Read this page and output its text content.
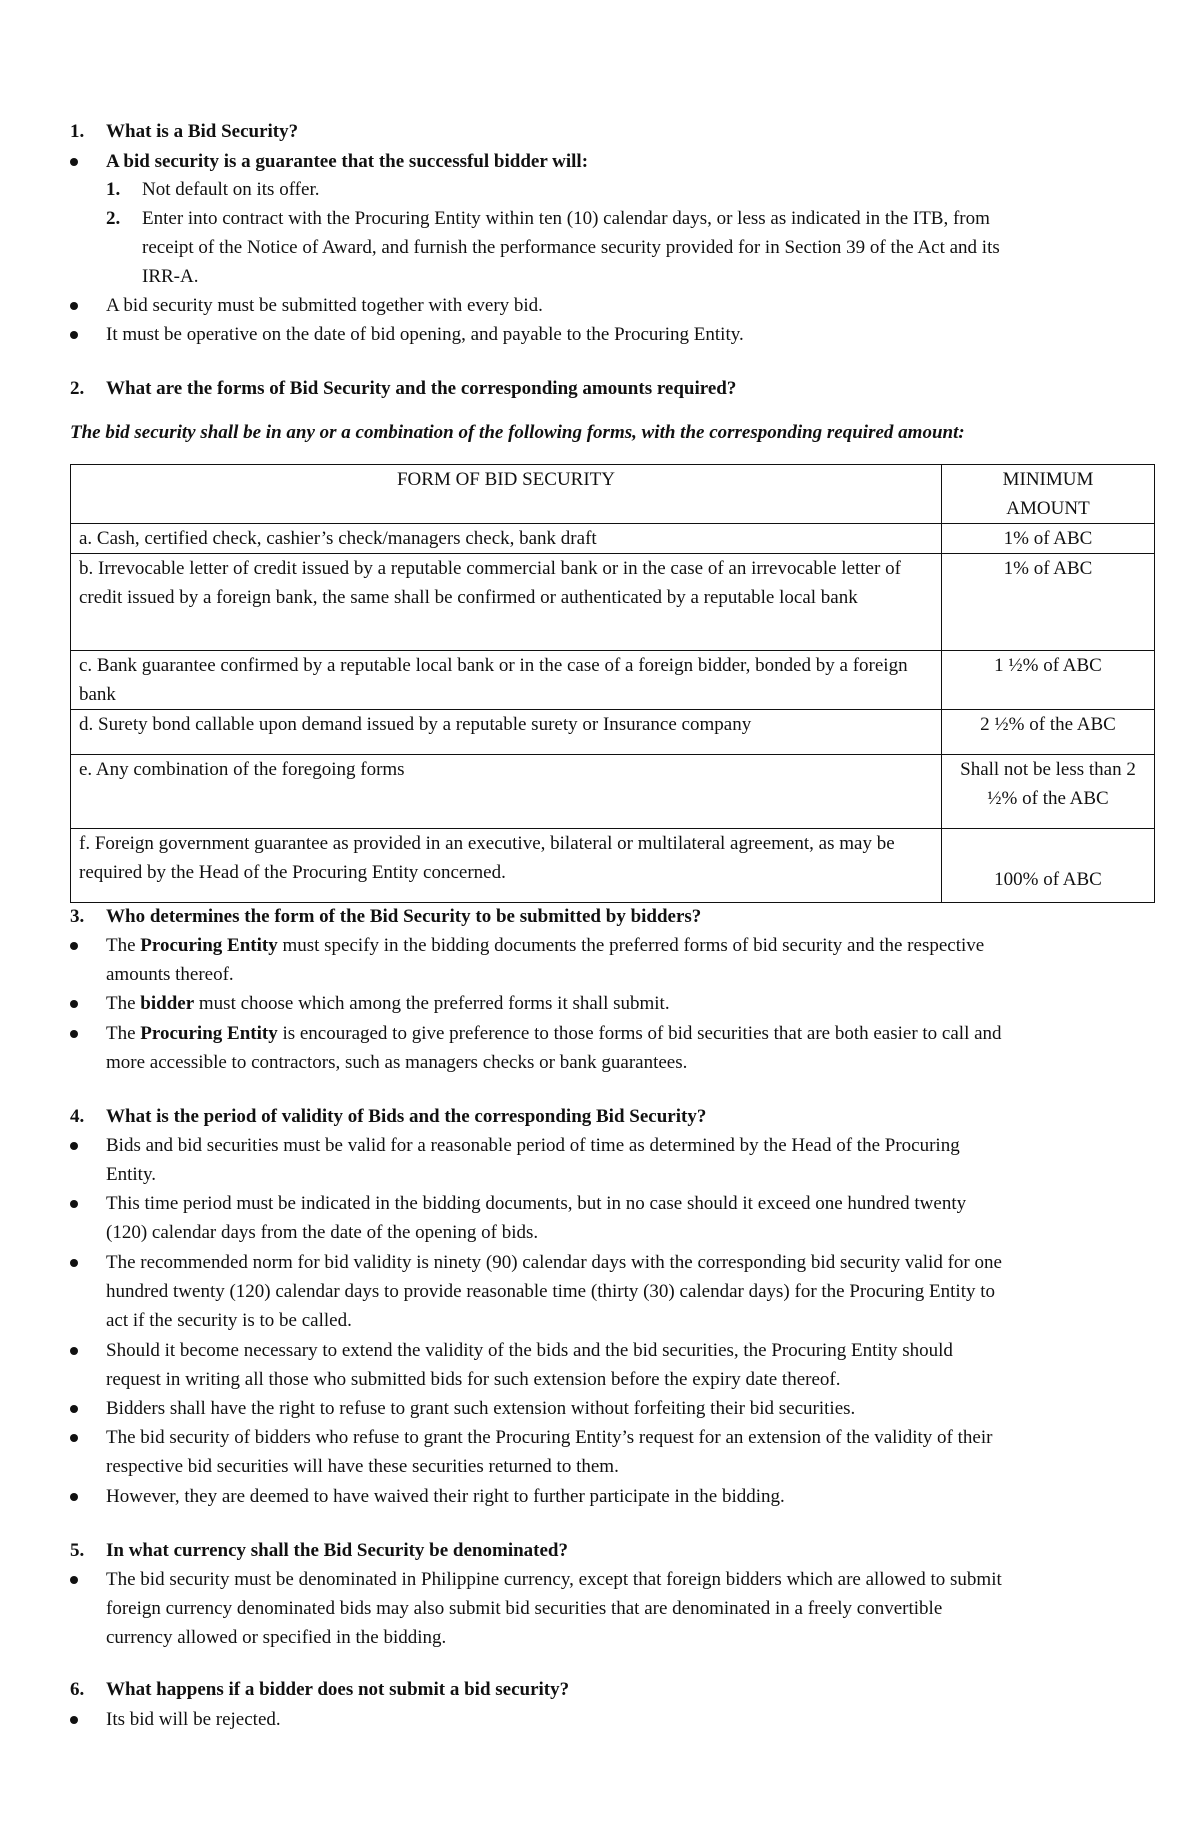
1. What is a Bid Security?
A bid security is a guarantee that the successful bidder will:
1. Not default on its offer.
2. Enter into contract with the Procuring Entity within ten (10) calendar days, or less as indicated in the ITB, from
receipt of the Notice of Award, and furnish the performance security provided for in Section 39 of the Act and its
IRR-A.
A bid security must be submitted together with every bid.
It must be operative on the date of bid opening, and payable to the Procuring Entity.
2. What are the forms of Bid Security and the corresponding amounts required?
The bid security shall be in any or a combination of the following forms, with the corresponding required amount:
FORM OF BID SECURITY	MINIMUM AMOUNT
a. Cash, certified check, cashier’s check/managers check, bank draft	1% of ABC
b. Irrevocable letter of credit issued by a reputable commercial bank or in the case of an irrevocable letter of credit issued by a foreign bank, the same shall be confirmed or authenticated by a reputable local bank	1% of ABC
c. Bank guarantee confirmed by a reputable local bank or in the case of a foreign bidder, bonded by a foreign bank	1 ½% of ABC
d. Surety bond callable upon demand issued by a reputable surety or Insurance company	2 ½% of the ABC
e. Any combination of the foregoing forms	Shall not be less than 2 ½% of the ABC
f. Foreign government guarantee as provided in an executive, bilateral or multilateral agreement, as may be required by the Head of the Procuring Entity concerned.	100% of ABC
3. Who determines the form of the Bid Security to be submitted by bidders?
The Procuring Entity must specify in the bidding documents the preferred forms of bid security and the respective
amounts thereof.
The bidder must choose which among the preferred forms it shall submit.
The Procuring Entity is encouraged to give preference to those forms of bid securities that are both easier to call and
more accessible to contractors, such as managers checks or bank guarantees.
4. What is the period of validity of Bids and the corresponding Bid Security?
Bids and bid securities must be valid for a reasonable period of time as determined by the Head of the Procuring
Entity.
This time period must be indicated in the bidding documents, but in no case should it exceed one hundred twenty
(120) calendar days from the date of the opening of bids.
The recommended norm for bid validity is ninety (90) calendar days with the corresponding bid security valid for one
hundred twenty (120) calendar days to provide reasonable time (thirty (30) calendar days) for the Procuring Entity to
act if the security is to be called.
Should it become necessary to extend the validity of the bids and the bid securities, the Procuring Entity should
request in writing all those who submitted bids for such extension before the expiry date thereof.
Bidders shall have the right to refuse to grant such extension without forfeiting their bid securities.
The bid security of bidders who refuse to grant the Procuring Entity’s request for an extension of the validity of their
respective bid securities will have these securities returned to them.
However, they are deemed to have waived their right to further participate in the bidding.
5. In what currency shall the Bid Security be denominated?
The bid security must be denominated in Philippine currency, except that foreign bidders which are allowed to submit
foreign currency denominated bids may also submit bid securities that are denominated in a freely convertible
currency allowed or specified in the bidding.
6. What happens if a bidder does not submit a bid security?
Its bid will be rejected.
